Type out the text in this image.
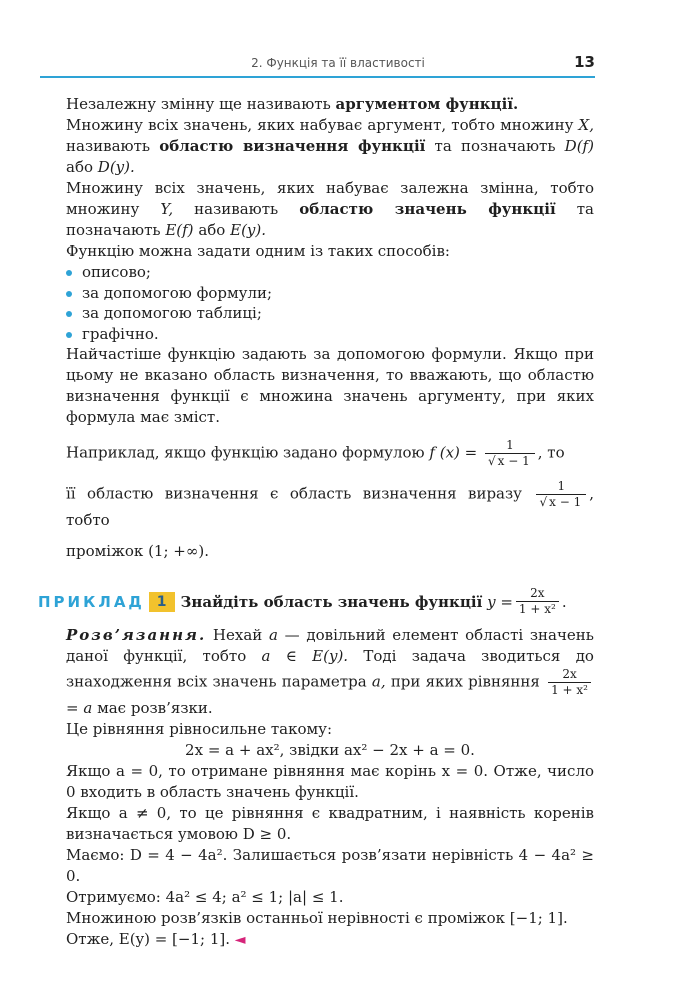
2. Функція та її властивості	13

Незалежну змінну ще називають аргументом функції.

Множину всіх значень, яких набуває аргумент, тобто множину X, називають областю визначення функції та позначають D(f) або D(y).

Множину всіх значень, яких набуває залежна змінна, тобто множину Y, називають областю значень функції та позначають E(f) або E(y).

Функцію можна задати одним із таких способів:

описово;
за допомогою формули;
за допомогою таблиці;
графічно.

Найчастіше функцію задають за допомогою формули. Якщо при цьому не вказано область визначення, то вважають, що областю визначення функції є множина значень аргументу, при яких формула має зміст.

Наприклад, якщо функцію задано формулою f $(x) = \frac{1}{√ x - 1}$ , то

її областю визначення є область визначення виразу $\frac{1}{√ x - 1}$ , тобто

проміжок (1; +∞).

ПРИКЛАД 1 Знайдіть область значень функції
$y = \frac{2x}{\text{1 + x²}}$ .

Розв’язання. Нехай a — довільний елемент області значень даної функції, тобто a ∈ E(y). Тоді задача зводиться до знаходження всіх значень параметра a, при яких рівняння $\frac{2x}{\text{1 + x²}}$
= a має розв’язки.

Це рівняння рівносильне такому:

2x = a + ax², звідки ax² − 2x + a = 0.

Якщо a = 0, то отримане рівняння має корінь x = 0. Отже, число 0 входить в область значень функції.

Якщо a ≠ 0, то це рівняння є квадратним, і наявність коренів визначається умовою D ≥ 0.

Маємо: D = 4 − 4a². Залишається розв’язати нерівність 4 − 4a² ≥ 0.

Отримуємо: 4a² ≤ 4; a² ≤ 1; |a| ≤ 1.

Множиною розв’язків останньої нерівності є проміжок [−1; 1].

Отже, E(y) = [−1; 1]. ◄
